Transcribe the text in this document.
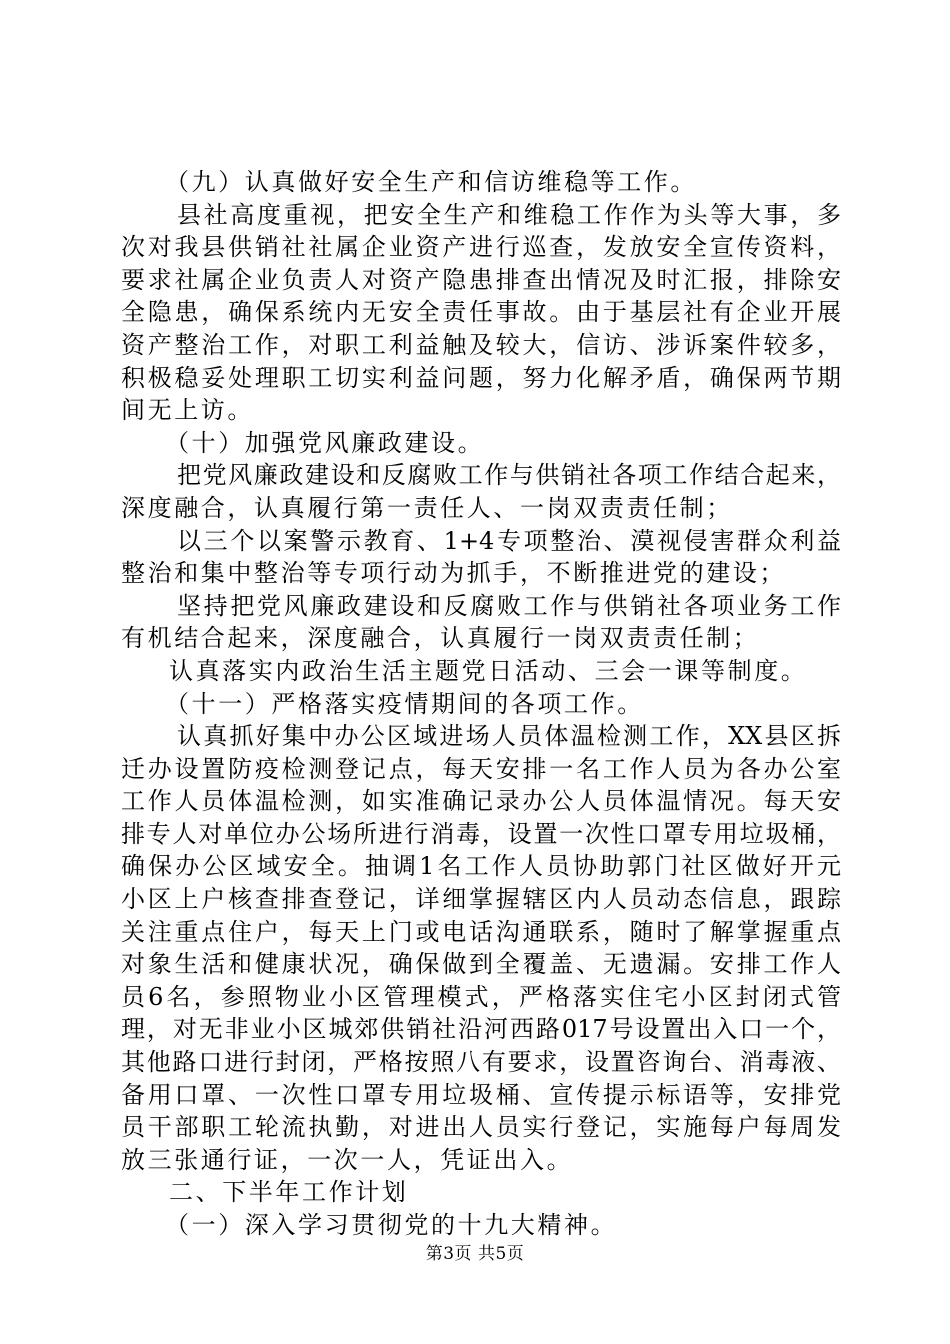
（九）认真做好安全生产和信访维稳等工作。
县社高度重视，把安全生产和维稳工作作为头等大事，多
次对我县供销社社属企业资产进行巡查，发放安全宣传资料，
要求社属企业负责人对资产隐患排查出情况及时汇报，排除安
全隐患，确保系统内无安全责任事故。由于基层社有企业开展
资产整治工作，对职工利益触及较大，信访、涉诉案件较多，
积极稳妥处理职工切实利益问题，努力化解矛盾，确保两节期
间无上访。
（十）加强党风廉政建设。
把党风廉政建设和反腐败工作与供销社各项工作结合起来，
深度融合，认真履行第一责任人、一岗双责责任制；
以三个以案警示教育、1+4专项整治、漠视侵害群众利益
整治和集中整治等专项行动为抓手，不断推进党的建设；
坚持把党风廉政建设和反腐败工作与供销社各项业务工作
有机结合起来，深度融合，认真履行一岗双责责任制；
认真落实内政治生活主题党日活动、三会一课等制度。
（十一）严格落实疫情期间的各项工作。
认真抓好集中办公区域进场人员体温检测工作，XX县区拆
迁办设置防疫检测登记点，每天安排一名工作人员为各办公室
工作人员体温检测，如实准确记录办公人员体温情况。每天安
排专人对单位办公场所进行消毒，设置一次性口罩专用垃圾桶，
确保办公区域安全。抽调1名工作人员协助郭门社区做好开元
小区上户核查排查登记，详细掌握辖区内人员动态信息，跟踪
关注重点住户，每天上门或电话沟通联系，随时了解掌握重点
对象生活和健康状况，确保做到全覆盖、无遗漏。安排工作人
员6名，参照物业小区管理模式，严格落实住宅小区封闭式管
理，对无非业小区城郊供销社沿河西路017号设置出入口一个，
其他路口进行封闭，严格按照八有要求，设置咨询台、消毒液、
备用口罩、一次性口罩专用垃圾桶、宣传提示标语等，安排党
员干部职工轮流执勤，对进出人员实行登记，实施每户每周发
放三张通行证，一次一人，凭证出入。
二、下半年工作计划
（一）深入学习贯彻党的十九大精神。
第3页 共5页
